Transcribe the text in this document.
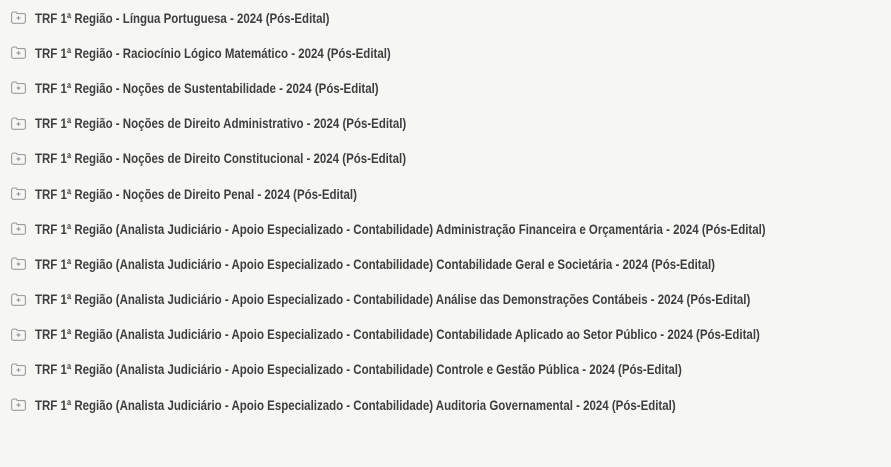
TRF 1ª Região - Língua Portuguesa - 2024 (Pós-Edital)
TRF 1ª Região - Raciocínio Lógico Matemático - 2024 (Pós-Edital)
TRF 1ª Região - Noções de Sustentabilidade - 2024 (Pós-Edital)
TRF 1ª Região - Noções de Direito Administrativo - 2024 (Pós-Edital)
TRF 1ª Região - Noções de Direito Constitucional - 2024 (Pós-Edital)
TRF 1ª Região - Noções de Direito Penal - 2024 (Pós-Edital)
TRF 1ª Região (Analista Judiciário - Apoio Especializado - Contabilidade) Administração Financeira e Orçamentária - 2024 (Pós-Edital)
TRF 1ª Região (Analista Judiciário - Apoio Especializado - Contabilidade) Contabilidade Geral e Societária - 2024 (Pós-Edital)
TRF 1ª Região (Analista Judiciário - Apoio Especializado - Contabilidade) Análise das Demonstrações Contábeis - 2024 (Pós-Edital)
TRF 1ª Região (Analista Judiciário - Apoio Especializado - Contabilidade) Contabilidade Aplicado ao Setor Público - 2024 (Pós-Edital)
TRF 1ª Região (Analista Judiciário - Apoio Especializado - Contabilidade) Controle e Gestão Pública - 2024 (Pós-Edital)
TRF 1ª Região (Analista Judiciário - Apoio Especializado - Contabilidade) Auditoria Governamental - 2024 (Pós-Edital)
